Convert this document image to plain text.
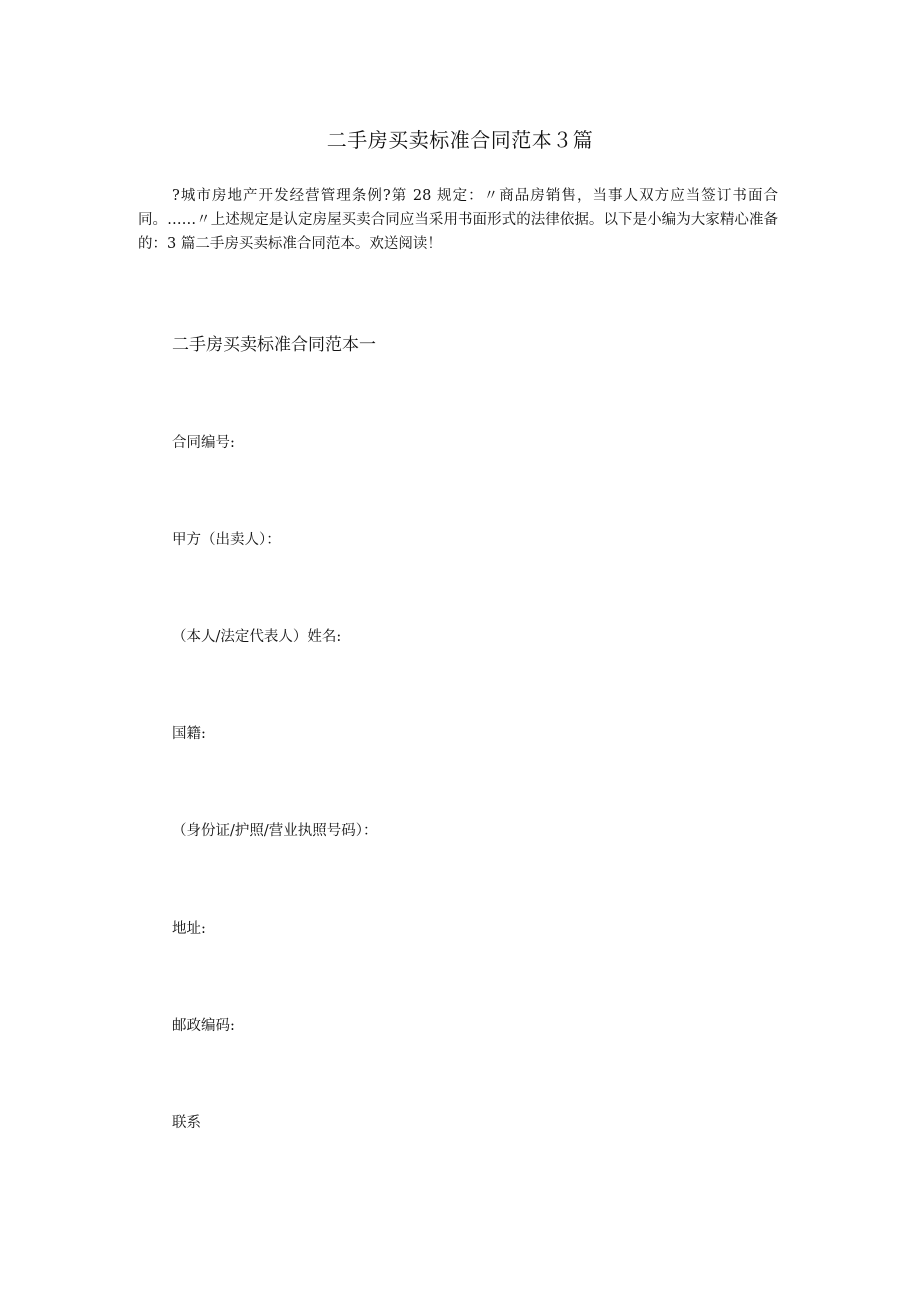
二手房买卖标准合同范本３篇

?城市房地产开发经营管理条例?第 28 规定：〃商品房销售，当事人双方应当签订书面合同。……〃上述规定是认定房屋买卖合同应当采用书面形式的法律依据。以下是小编为大家精心准备的：3 篇二手房买卖标准合同范本。欢送阅读！

二手房买卖标准合同范本一

合同编号:

甲方（出卖人）：

（本人/法定代表人）姓名:

国籍:

（身份证/护照/营业执照号码）：

地址:

邮政编码:

联系
